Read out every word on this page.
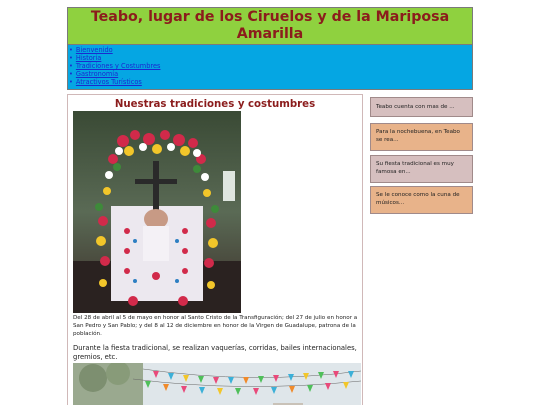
Teabo, lugar de los Ciruelos y de la Mariposa Amarilla
• Bienvenido
• Historia
• Tradiciones y Costumbres
• Gastronomía
• Atractivos Turísticos
Nuestras tradiciones y costumbres

Del 28 de abril al 5 de mayo en honor al Santo Cristo de la Transfiguración; del 27 de julio en honor a San Pedro y San Pablo; y del 8 al 12 de diciembre en honor de la Virgen de Guadalupe, patrona de la población.

Durante la fiesta tradicional, se realizan vaquerías, corridas, bailes internacionales, gremios, etc.

Teabo cuenta con mas de ...
Para la nochebuena, en Teabo se rea...
Su fiesta tradicional es muy famosa en...
Se le conoce como la cuna de músicos...
